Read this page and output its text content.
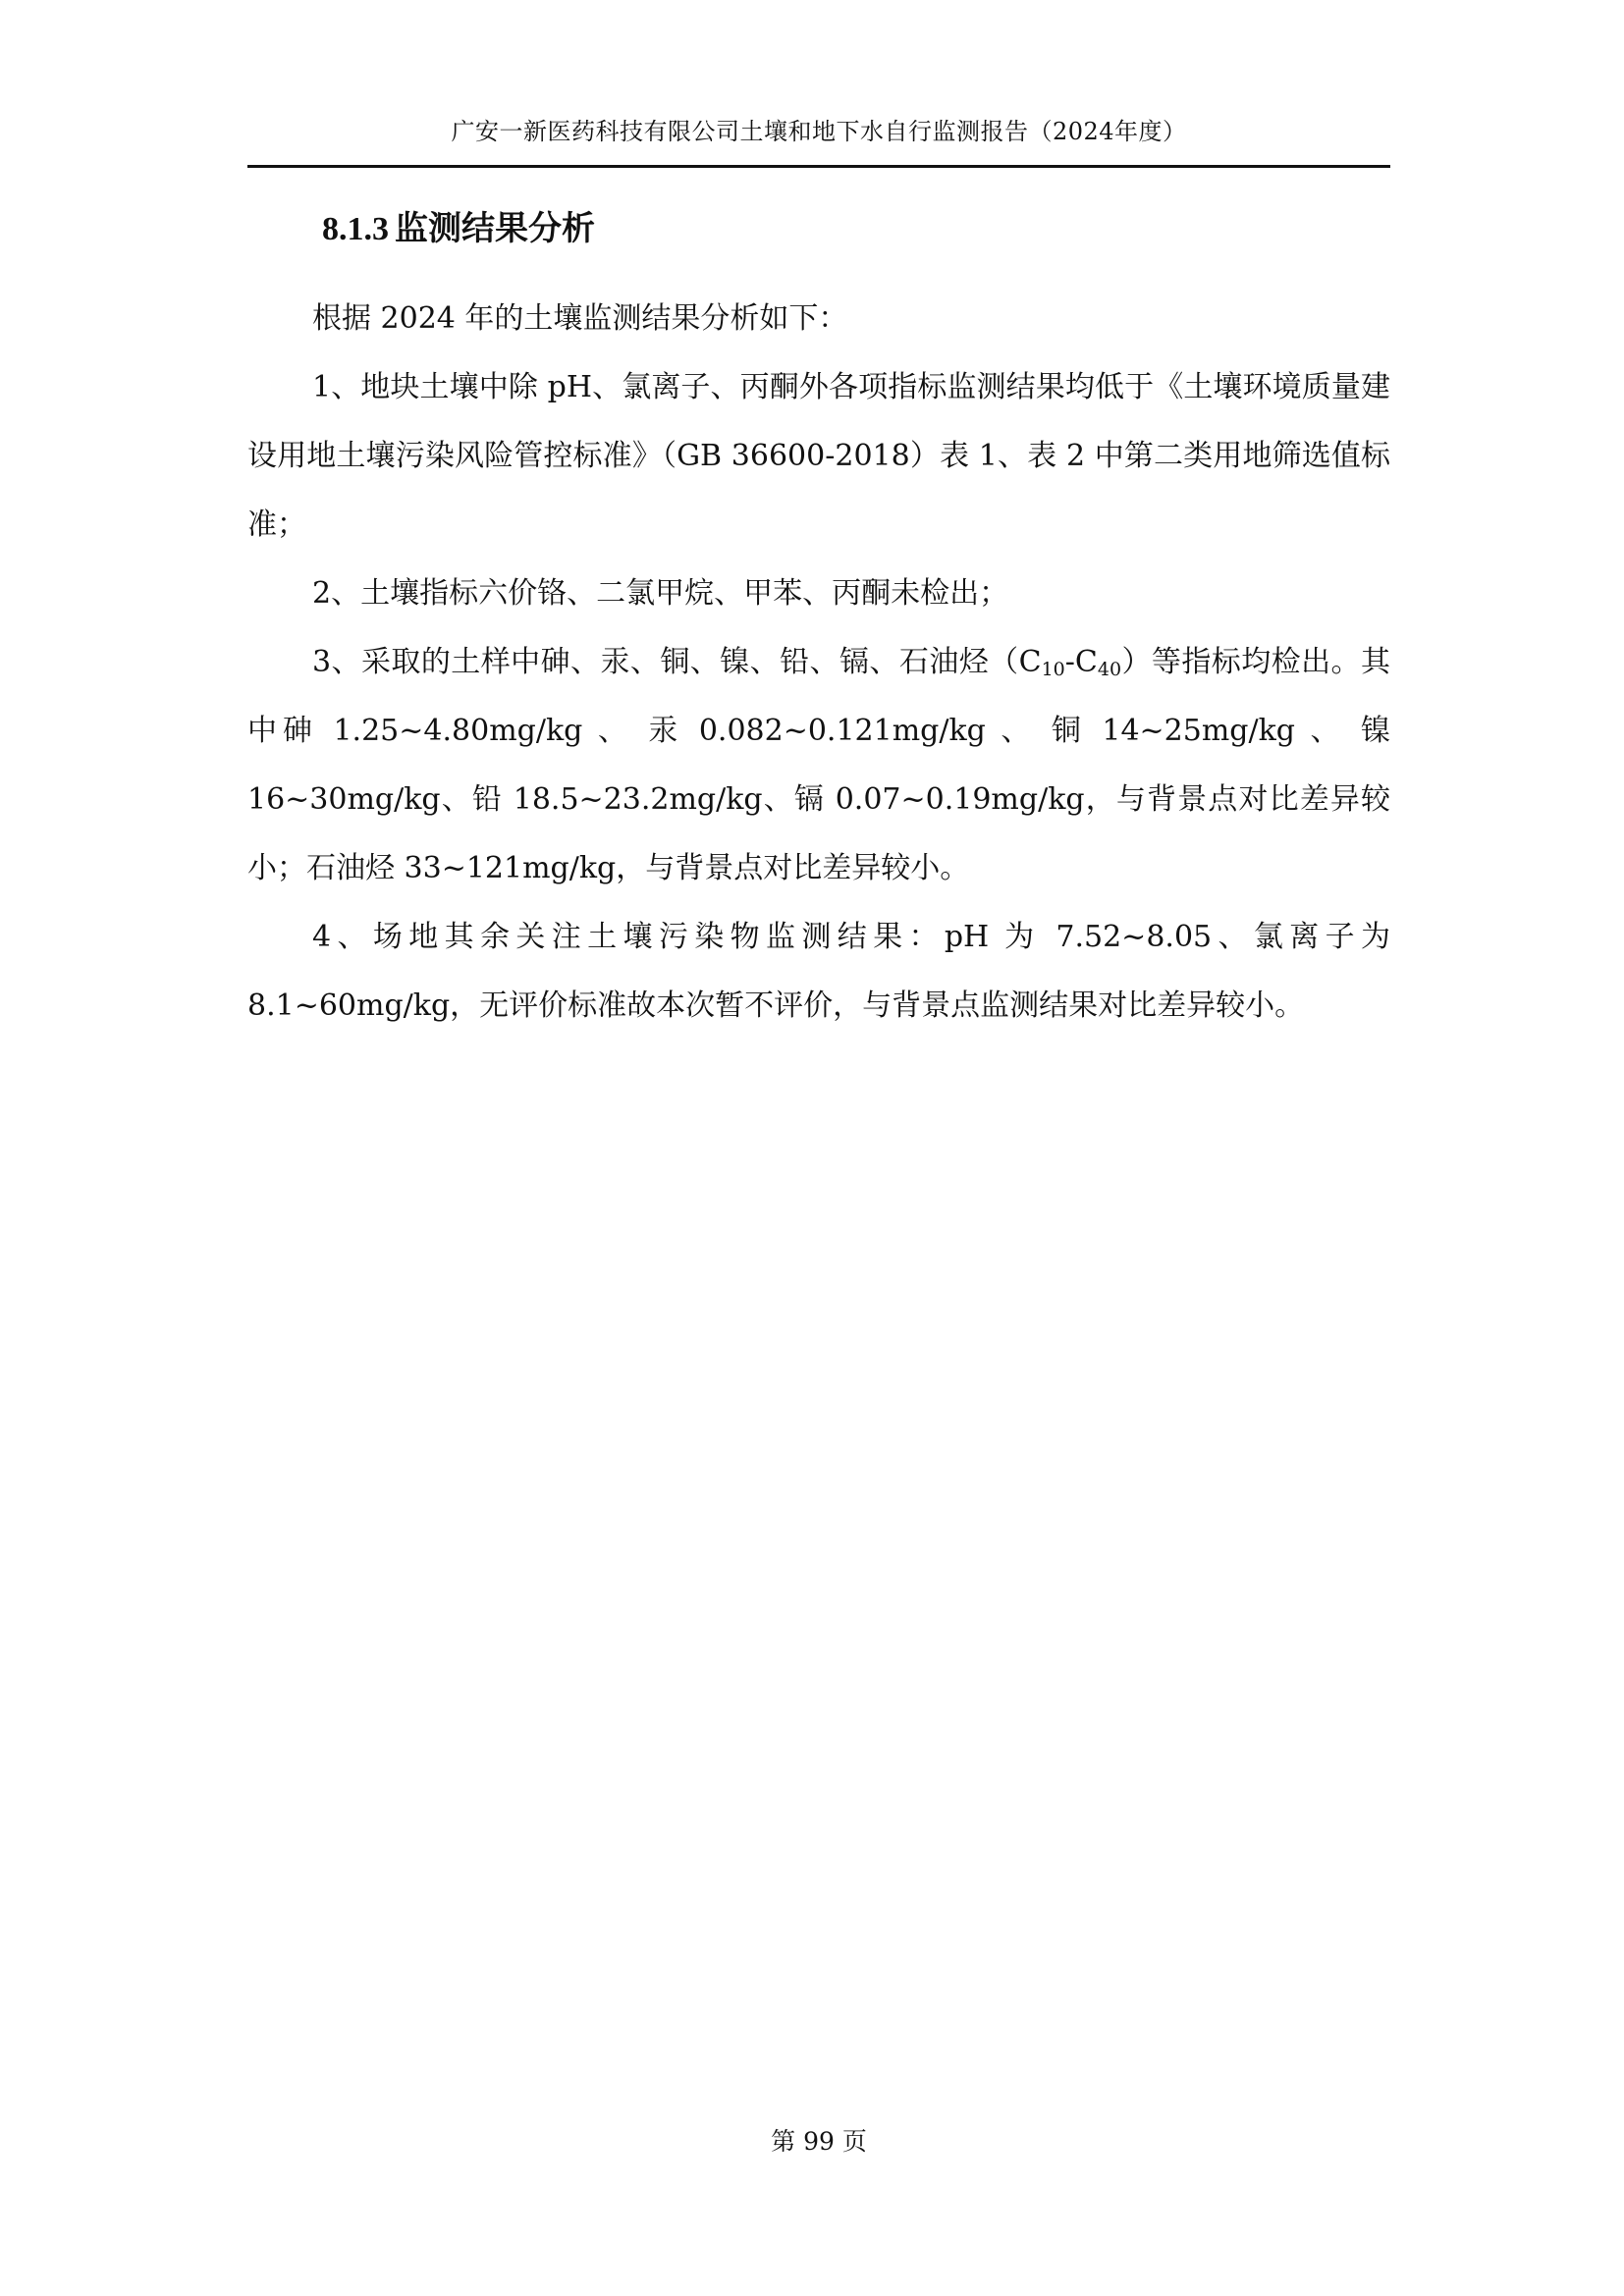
广安一新医药科技有限公司土壤和地下水自行监测报告（2024年度）
8.1.3 监测结果分析

根据 2024 年的土壤监测结果分析如下：

1、地块土壤中除 pH、氯离子、丙酮外各项指标监测结果均低于《土壤环境质量建设用地土壤污染风险管控标准》（GB 36600-2018）表 1、表 2 中第二类用地筛选值标准；

2、土壤指标六价铬、二氯甲烷、甲苯、丙酮未检出；

3、采取的土样中砷、汞、铜、镍、铅、镉、石油烃$(C_{10}-C_{40})$等指标均检出。其中砷 1.25~4.80mg/kg 、 汞 0.082~0.121mg/kg 、 铜 14~25mg/kg 、 镍 16~30mg/kg、铅 18.5~23.2mg/kg、镉 0.07~0.19mg/kg，与背景点对比差异较小；石油烃 33~121mg/kg，与背景点对比差异较小。

4、场地其余关注土壤污染物监测结果：pH 为 7.52~8.05、氯离子为 8.1~60mg/kg，无评价标准故本次暂不评价，与背景点监测结果对比差异较小。

第 99 页
